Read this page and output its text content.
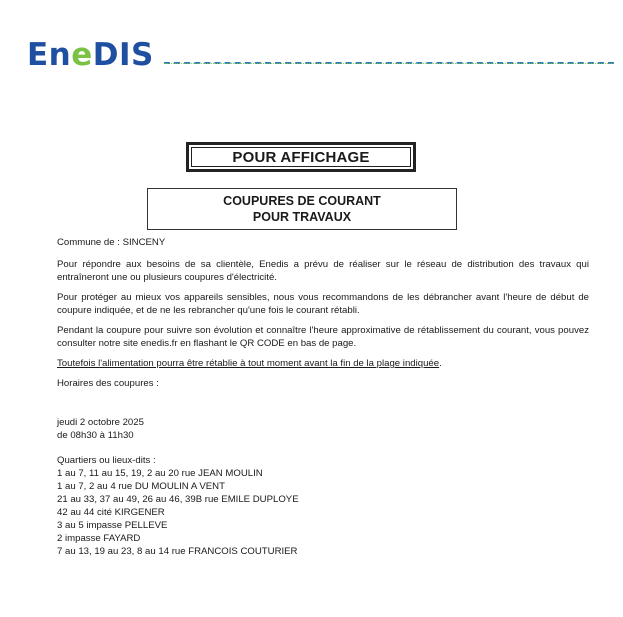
EneDIS
POUR AFFICHAGE
COUPURES DE COURANT
POUR TRAVAUX

Commune de : SINCENY

Pour répondre aux besoins de sa clientèle, Enedis a prévu de réaliser sur le réseau de distribution des travaux qui entraîneront une ou plusieurs coupures d'électricité.

Pour protéger au mieux vos appareils sensibles, nous vous recommandons de les débrancher avant l'heure de début de coupure indiquée, et de ne les rebrancher qu'une fois le courant rétabli.

Pendant la coupure pour suivre son évolution et connaître l'heure approximative de rétablissement du courant, vous pouvez consulter notre site enedis.fr en flashant le QR CODE en bas de page.

Toutefois l'alimentation pourra être rétablie à tout moment avant la fin de la plage indiquée.

Horaires des coupures :

jeudi 2 octobre 2025

de 08h30 à 11h30

Quartiers ou lieux-dits :

1 au 7, 11 au 15, 19, 2 au 20 rue JEAN MOULIN

1 au 7, 2 au 4 rue DU MOULIN A VENT

21 au 33, 37 au 49, 26 au 46, 39B rue EMILE DUPLOYE

42 au 44 cité KIRGENER

3 au 5 impasse PELLEVE

2 impasse FAYARD

7 au 13, 19 au 23, 8 au 14 rue FRANCOIS COUTURIER
